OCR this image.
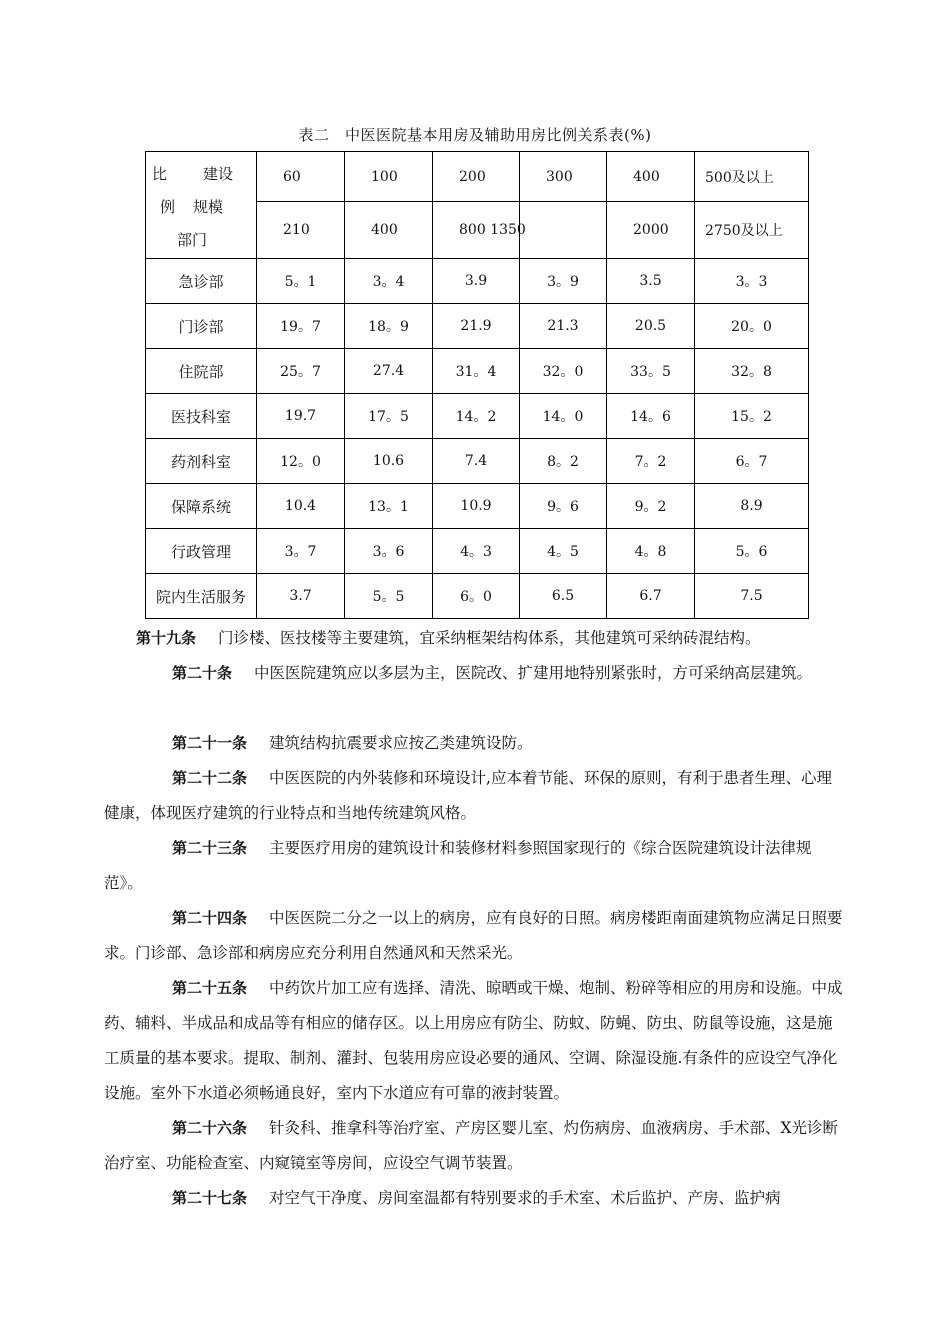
表二　中医医院基本用房及辅助用房比例关系表(%)
比 建设
例 规模
部门	60	100	200	300	400	500及以上
	210	400	800 1350		2000	2750及以上
急诊部	5。1	3。4	3.9	3。9	3.5	3。3
门诊部	19。7	18。9	21.9	21.3	20.5	20。0
住院部	25。7	27.4	31。4	32。0	33。5	32。8
医技科室	19.7	17。5	14。2	14。0	14。6	15。2
药剂科室	12。0	10.6	7.4	8。2	7。2	6。7
保障系统	10.4	13。1	10.9	9。6	9。2	8.9
行政管理	3。7	3。6	4。3	4。5	4。8	5。6
院内生活服务	3.7	5。5	6。0	6.5	6.7	7.5
第十九条 门诊楼、医技楼等主要建筑，宜采纳框架结构体系，其他建筑可采纳砖混结构。
第二十条 中医医院建筑应以多层为主，医院改、扩建用地特别紧张时，方可采纳高层建筑。
第二十一条 建筑结构抗震要求应按乙类建筑设防。
第二十二条 中医医院的内外装修和环境设计,应本着节能、环保的原则，有利于患者生理、心理健康，体现医疗建筑的行业特点和当地传统建筑风格。
第二十三条 主要医疗用房的建筑设计和装修材料参照国家现行的《综合医院建筑设计法律规范》。
第二十四条 中医医院二分之一以上的病房，应有良好的日照。病房楼距南面建筑物应满足日照要求。门诊部、急诊部和病房应充分利用自然通风和天然采光。
第二十五条 中药饮片加工应有选择、清洗、晾晒或干燥、炮制、粉碎等相应的用房和设施。中成药、辅料、半成品和成品等有相应的储存区。以上用房应有防尘、防蚊、防蝇、防虫、防鼠等设施，这是施工质量的基本要求。提取、制剂、灌封、包装用房应设必要的通风、空调、除湿设施.有条件的应设空气净化设施。室外下水道必须畅通良好，室内下水道应有可靠的液封装置。
第二十六条 针灸科、推拿科等治疗室、产房区婴儿室、灼伤病房、血液病房、手术部、X光诊断治疗室、功能检查室、内窥镜室等房间，应设空气调节装置。
第二十七条 对空气干净度、房间室温都有特别要求的手术室、术后监护、产房、监护病
